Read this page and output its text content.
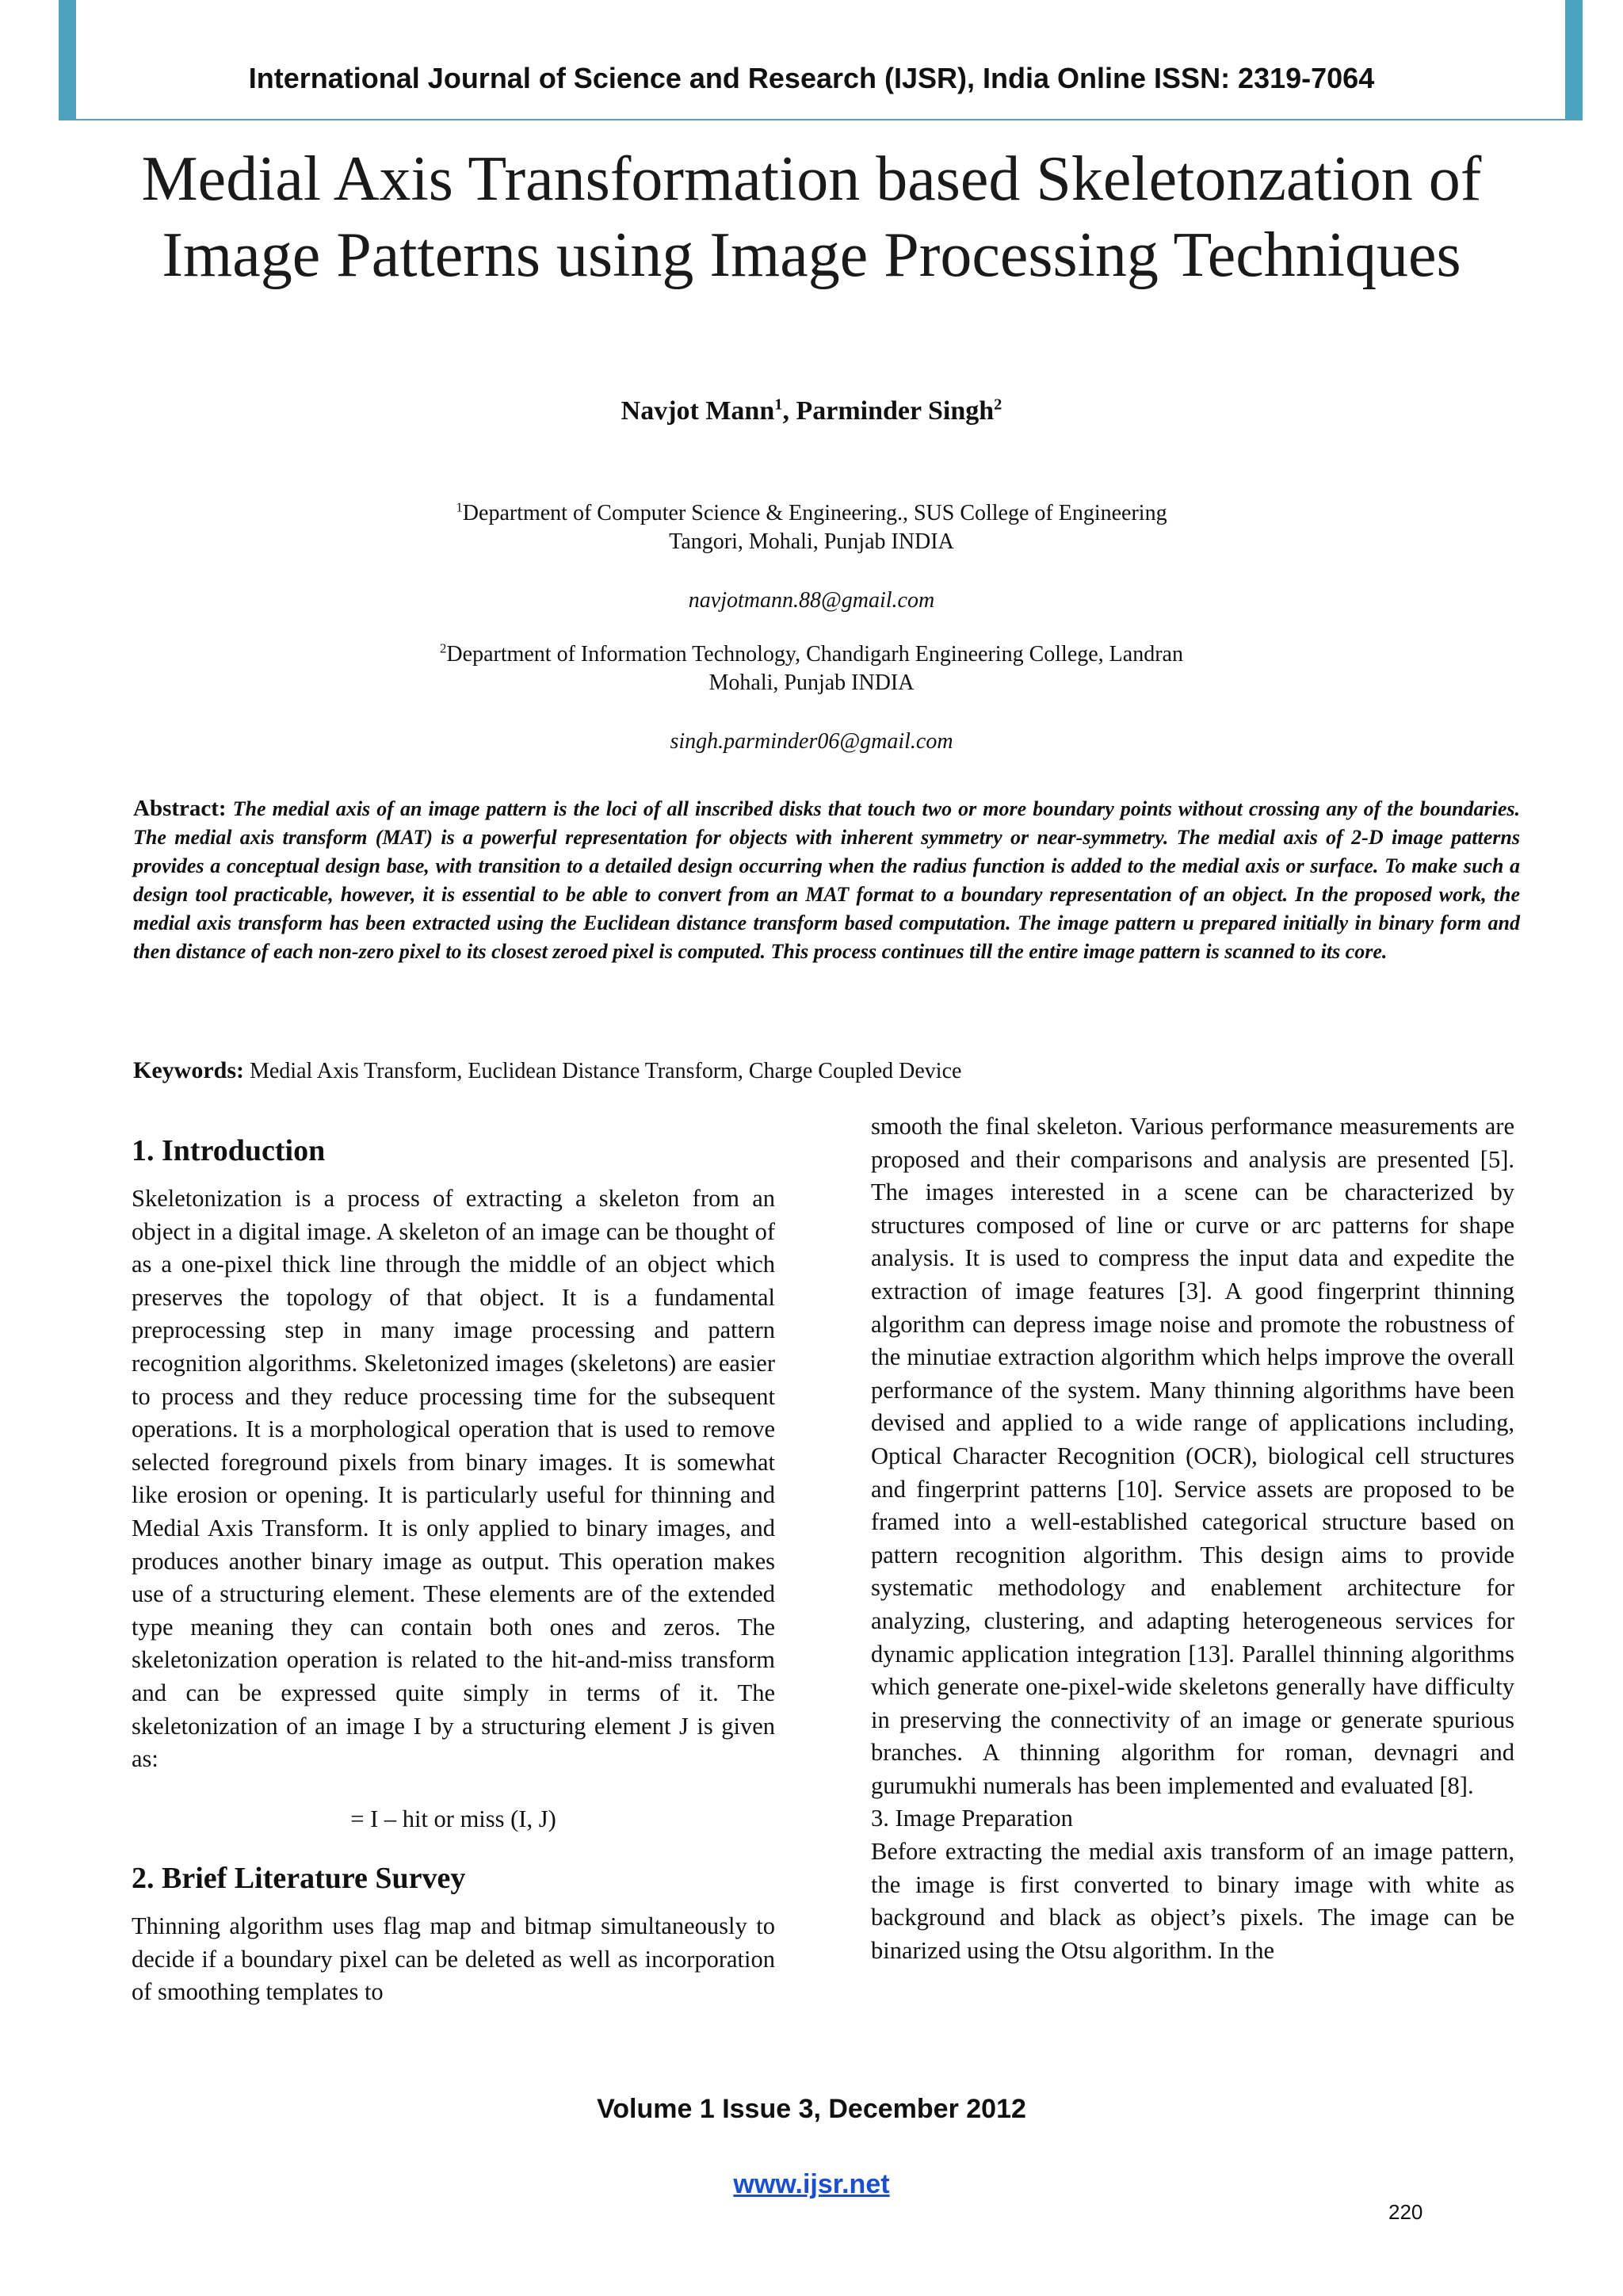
International Journal of Science and Research (IJSR), India Online ISSN: 2319-7064
Medial Axis Transformation based Skeletonzation of Image Patterns using Image Processing Techniques
Navjot Mann$^1$, Parminder Singh$^2$
$^1$Department of Computer Science & Engineering., SUS College of Engineering
Tangori, Mohali, Punjab INDIA
navjotmann.88@gmail.com
$^2$Department of Information Technology, Chandigarh Engineering College, Landran
Mohali, Punjab INDIA
singh.parminder06@gmail.com
Abstract: The medial axis of an image pattern is the loci of all inscribed disks that touch two or more boundary points without crossing any of the boundaries. The medial axis transform (MAT) is a powerful representation for objects with inherent symmetry or near-symmetry. The medial axis of 2-D image patterns provides a conceptual design base, with transition to a detailed design occurring when the radius function is added to the medial axis or surface. To make such a design tool practicable, however, it is essential to be able to convert from an MAT format to a boundary representation of an object. In the proposed work, the medial axis transform has been extracted using the Euclidean distance transform based computation. The image pattern u prepared initially in binary form and then distance of each non-zero pixel to its closest zeroed pixel is computed. This process continues till the entire image pattern is scanned to its core.
Keywords: Medial Axis Transform, Euclidean Distance Transform, Charge Coupled Device
1. Introduction

Skeletonization is a process of extracting a skeleton from an object in a digital image. A skeleton of an image can be thought of as a one-pixel thick line through the middle of an object which preserves the topology of that object. It is a fundamental preprocessing step in many image processing and pattern recognition algorithms. Skeletonized images (skeletons) are easier to process and they reduce processing time for the subsequent operations. It is a morphological operation that is used to remove selected foreground pixels from binary images. It is somewhat like erosion or opening. It is particularly useful for thinning and Medial Axis Transform. It is only applied to binary images, and produces another binary image as output. This operation makes use of a structuring element. These elements are of the extended type meaning they can contain both ones and zeros. The skeletonization operation is related to the hit-and-miss transform and can be expressed quite simply in terms of it. The skeletonization of an image I by a structuring element J is given as:

= I – hit or miss (I, J)
2. Brief Literature Survey

Thinning algorithm uses flag map and bitmap simultaneously to decide if a boundary pixel can be deleted as well as incorporation of smoothing templates to

smooth the final skeleton. Various performance measurements are proposed and their comparisons and analysis are presented [5]. The images interested in a scene can be characterized by structures composed of line or curve or arc patterns for shape analysis. It is used to compress the input data and expedite the extraction of image features [3]. A good fingerprint thinning algorithm can depress image noise and promote the robustness of the minutiae extraction algorithm which helps improve the overall performance of the system. Many thinning algorithms have been devised and applied to a wide range of applications including, Optical Character Recognition (OCR), biological cell structures and fingerprint patterns [10]. Service assets are proposed to be framed into a well-established categorical structure based on pattern recognition algorithm. This design aims to provide systematic methodology and enablement architecture for analyzing, clustering, and adapting heterogeneous services for dynamic application integration [13]. Parallel thinning algorithms which generate one-pixel-wide skeletons generally have difficulty in preserving the connectivity of an image or generate spurious branches. A thinning algorithm for roman, devnagri and gurumukhi numerals has been implemented and evaluated [8].

3. Image Preparation

Before extracting the medial axis transform of an image pattern, the image is first converted to binary image with white as background and black as object’s pixels. The image can be binarized using the Otsu algorithm. In the

Volume 1 Issue 3, December 2012
www.ijsr.net
220
